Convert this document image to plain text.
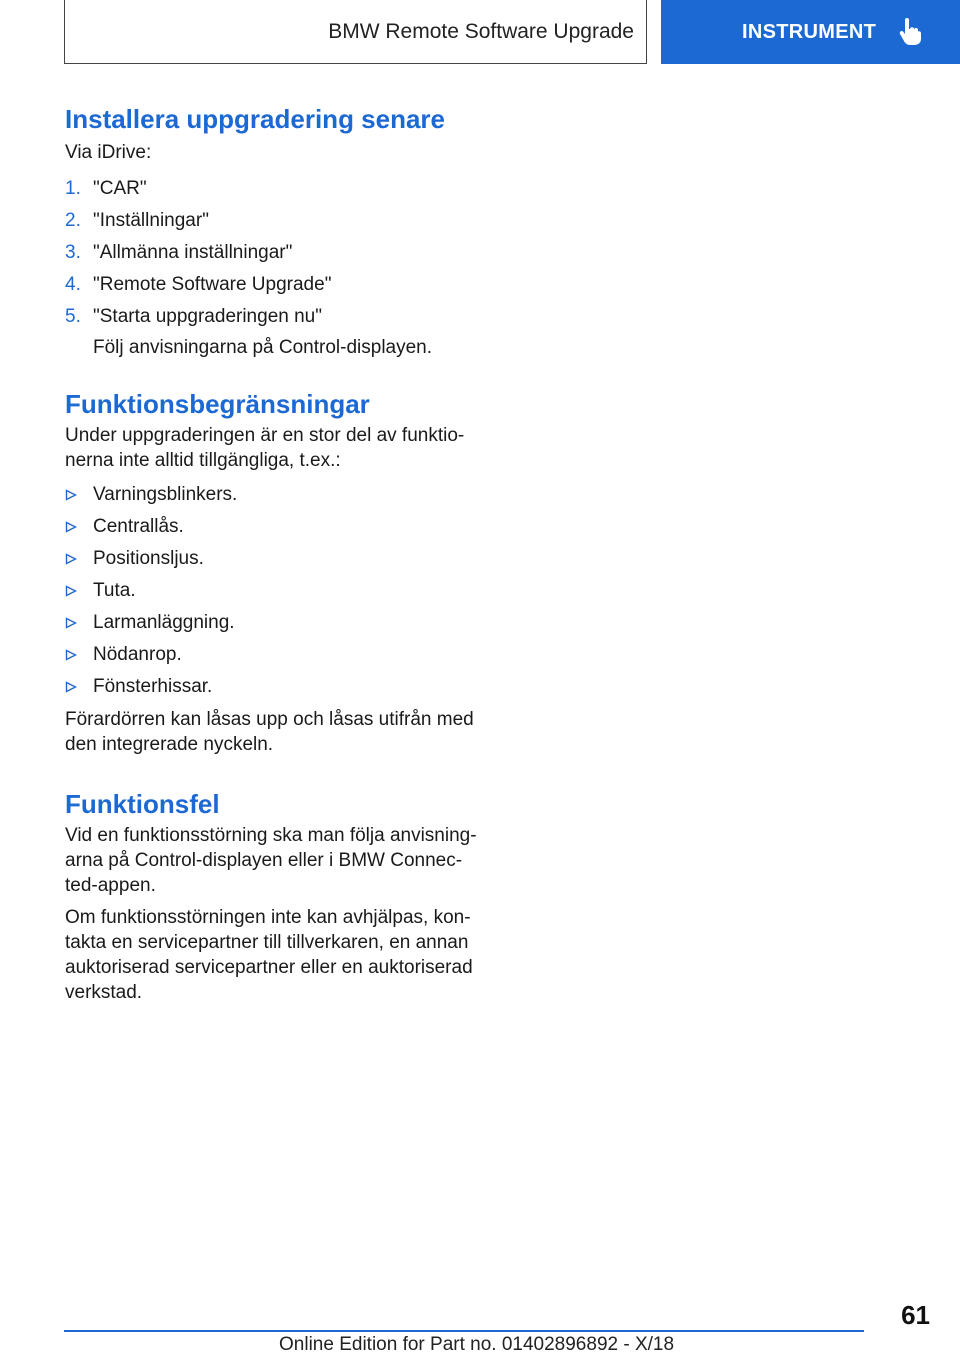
BMW Remote Software Upgrade	INSTRUMENT
Installera uppgradering senare

Via iDrive:

1. "CAR"
2. "Inställningar"
3. "Allmänna inställningar"
4. "Remote Software Upgrade"
5. "Starta uppgraderingen nu"
Följ anvisningarna på Control-displayen.
Funktionsbegränsningar

Under uppgraderingen är en stor del av funktio-

nerna inte alltid tillgängliga, t.ex.:

Varningsblinkers.
Centrallås.
Positionsljus.
Tuta.
Larmanläggning.
Nödanrop.
Fönsterhissar.

Förardörren kan låsas upp och låsas utifrån med

den integrerade nyckeln.

Funktionsfel

Vid en funktionsstörning ska man följa anvisning-

arna på Control-displayen eller i BMW Connec-

ted-appen.

Om funktionsstörningen inte kan avhjälpas, kon-

takta en servicepartner till tillverkaren, en annan

auktoriserad servicepartner eller en auktoriserad

verkstad.

61
Online Edition for Part no. 01402896892 - X/18
